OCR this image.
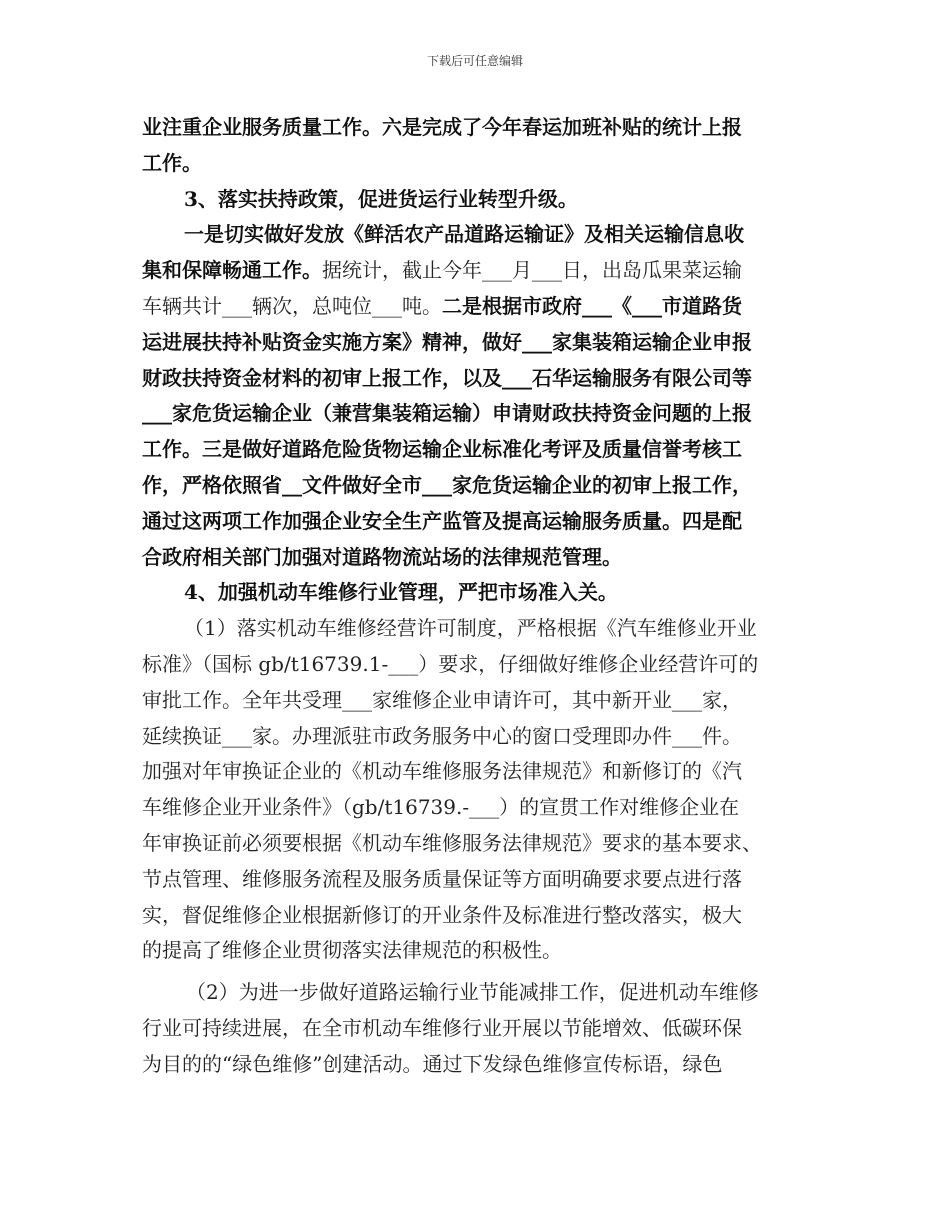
下载后可任意编辑
业注重企业服务质量工作。六是完成了今年春运加班补贴的统计上报
工作。
3、落实扶持政策，促进货运行业转型升级。
一是切实做好发放《鲜活农产品道路运输证》及相关运输信息收
集和保障畅通工作。据统计，截止今年___月___日，出岛瓜果菜运输
车辆共计___辆次，总吨位___吨。二是根据市政府___《___市道路货
运进展扶持补贴资金实施方案》精神，做好___家集装箱运输企业申报
财政扶持资金材料的初审上报工作，以及___石华运输服务有限公司等
___家危货运输企业（兼营集装箱运输）申请财政扶持资金问题的上报
工作。三是做好道路危险货物运输企业标准化考评及质量信誉考核工
作，严格依照省__文件做好全市___家危货运输企业的初审上报工作，
通过这两项工作加强企业安全生产监管及提高运输服务质量。四是配
合政府相关部门加强对道路物流站场的法律规范管理。
4、加强机动车维修行业管理，严把市场准入关。
（1）落实机动车维修经营许可制度，严格根据《汽车维修业开业
标准》（国标 gb/t16739.1-___）要求，仔细做好维修企业经营许可的
审批工作。全年共受理___家维修企业申请许可，其中新开业___家，
延续换证___家。办理派驻市政务服务中心的窗口受理即办件___件。
加强对年审换证企业的《机动车维修服务法律规范》和新修订的《汽
车维修企业开业条件》（gb/t16739.-___）的宣贯工作对维修企业在
年审换证前必须要根据《机动车维修服务法律规范》要求的基本要求、
节点管理、维修服务流程及服务质量保证等方面明确要求要点进行落
实，督促维修企业根据新修订的开业条件及标准进行整改落实，极大
的提高了维修企业贯彻落实法律规范的积极性。
（2）为进一步做好道路运输行业节能减排工作，促进机动车维修
行业可持续进展，在全市机动车维修行业开展以节能增效、低碳环保
为目的的“绿色维修”创建活动。通过下发绿色维修宣传标语，绿色
